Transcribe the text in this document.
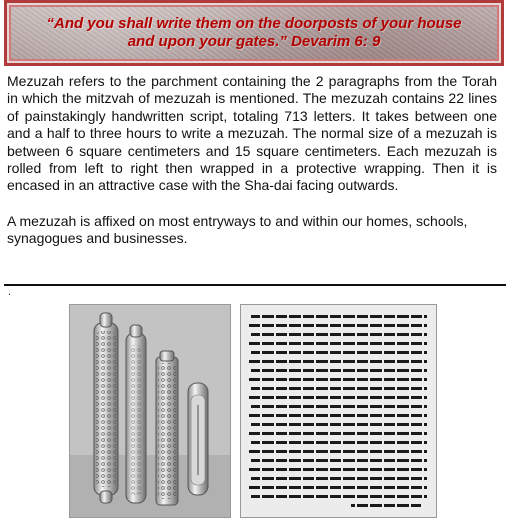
“And you shall write them on the doorposts of your house
and upon your gates.” Devarim 6: 9

Mezuzah refers to the parchment containing the 2 paragraphs from the Torah in which the mitzvah of mezuzah is mentioned. The mezuzah contains 22 lines of painstakingly handwritten script, totaling 713 letters. It takes between one and a half to three hours to write a mezuzah. The normal size of a mezuzah is between 6 square centimeters and 15 square centimeters. Each mezuzah is rolled from left to right then wrapped in a protective wrapping. Then it is encased in an attractive case with the Sha-dai facing outwards.

A mezuzah is affixed on most entryways to and within our homes, schools, synagogues and businesses.

.
